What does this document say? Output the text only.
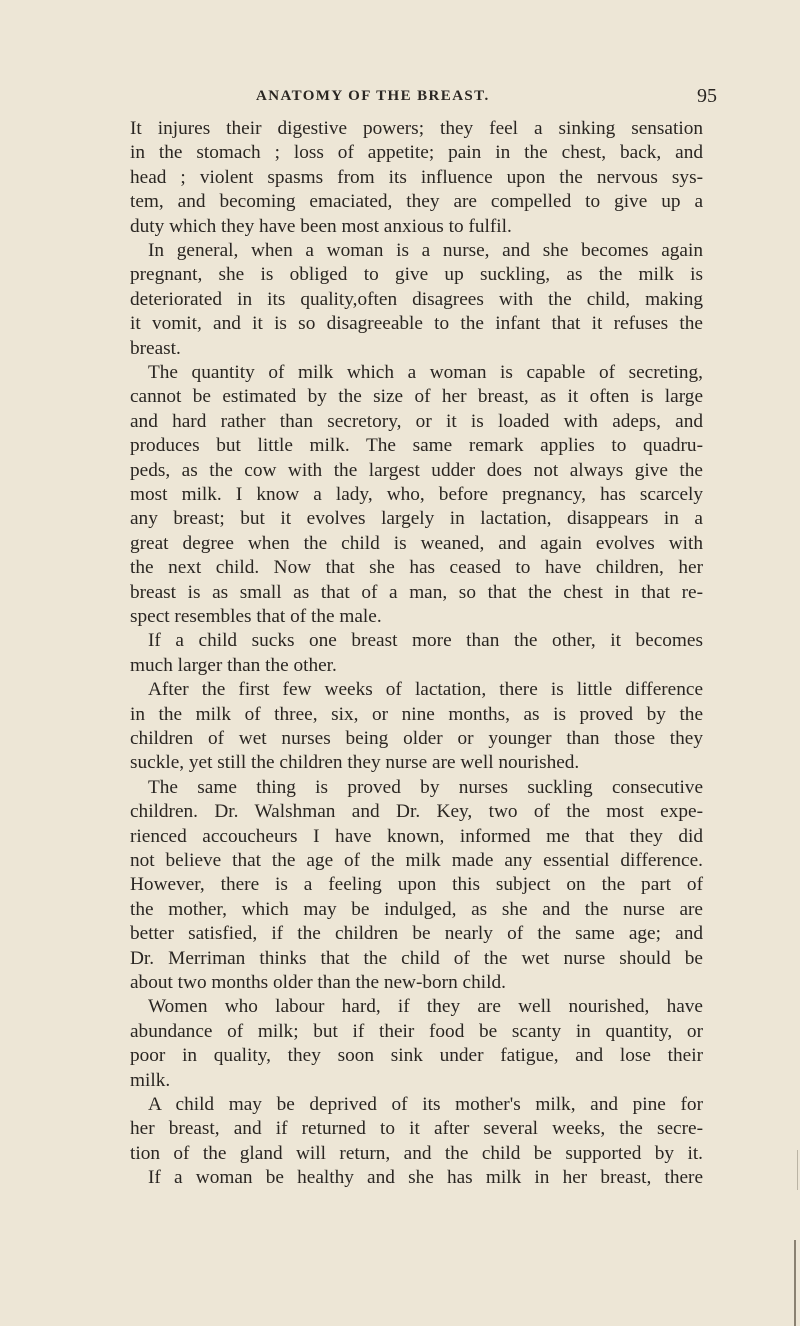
ANATOMY OF THE BREAST.	95
It injures their digestive powers; they feel a sinking sensation
in the stomach ; loss of appetite; pain in the chest, back, and
head ; violent spasms from its influence upon the nervous sys-
tem, and becoming emaciated, they are compelled to give up a
duty which they have been most anxious to fulfil.
In general, when a woman is a nurse, and she becomes again
pregnant, she is obliged to give up suckling, as the milk is
deteriorated in its quality,often disagrees with the child, making
it vomit, and it is so disagreeable to the infant that it refuses the
breast.
The quantity of milk which a woman is capable of secreting,
cannot be estimated by the size of her breast, as it often is large
and hard rather than secretory, or it is loaded with adeps, and
produces but little milk. The same remark applies to quadru-
peds, as the cow with the largest udder does not always give the
most milk. I know a lady, who, before pregnancy, has scarcely
any breast; but it evolves largely in lactation, disappears in a
great degree when the child is weaned, and again evolves with
the next child. Now that she has ceased to have children, her
breast is as small as that of a man, so that the chest in that re-
spect resembles that of the male.
If a child sucks one breast more than the other, it becomes
much larger than the other.
After the first few weeks of lactation, there is little difference
in the milk of three, six, or nine months, as is proved by the
children of wet nurses being older or younger than those they
suckle, yet still the children they nurse are well nourished.
The same thing is proved by nurses suckling consecutive
children. Dr. Walshman and Dr. Key, two of the most expe-
rienced accoucheurs I have known, informed me that they did
not believe that the age of the milk made any essential difference.
However, there is a feeling upon this subject on the part of
the mother, which may be indulged, as she and the nurse are
better satisfied, if the children be nearly of the same age; and
Dr. Merriman thinks that the child of the wet nurse should be
about two months older than the new-born child.
Women who labour hard, if they are well nourished, have
abundance of milk; but if their food be scanty in quantity, or
poor in quality, they soon sink under fatigue, and lose their
milk.
A child may be deprived of its mother's milk, and pine for
her breast, and if returned to it after several weeks, the secre-
tion of the gland will return, and the child be supported by it.
If a woman be healthy and she has milk in her breast, there
